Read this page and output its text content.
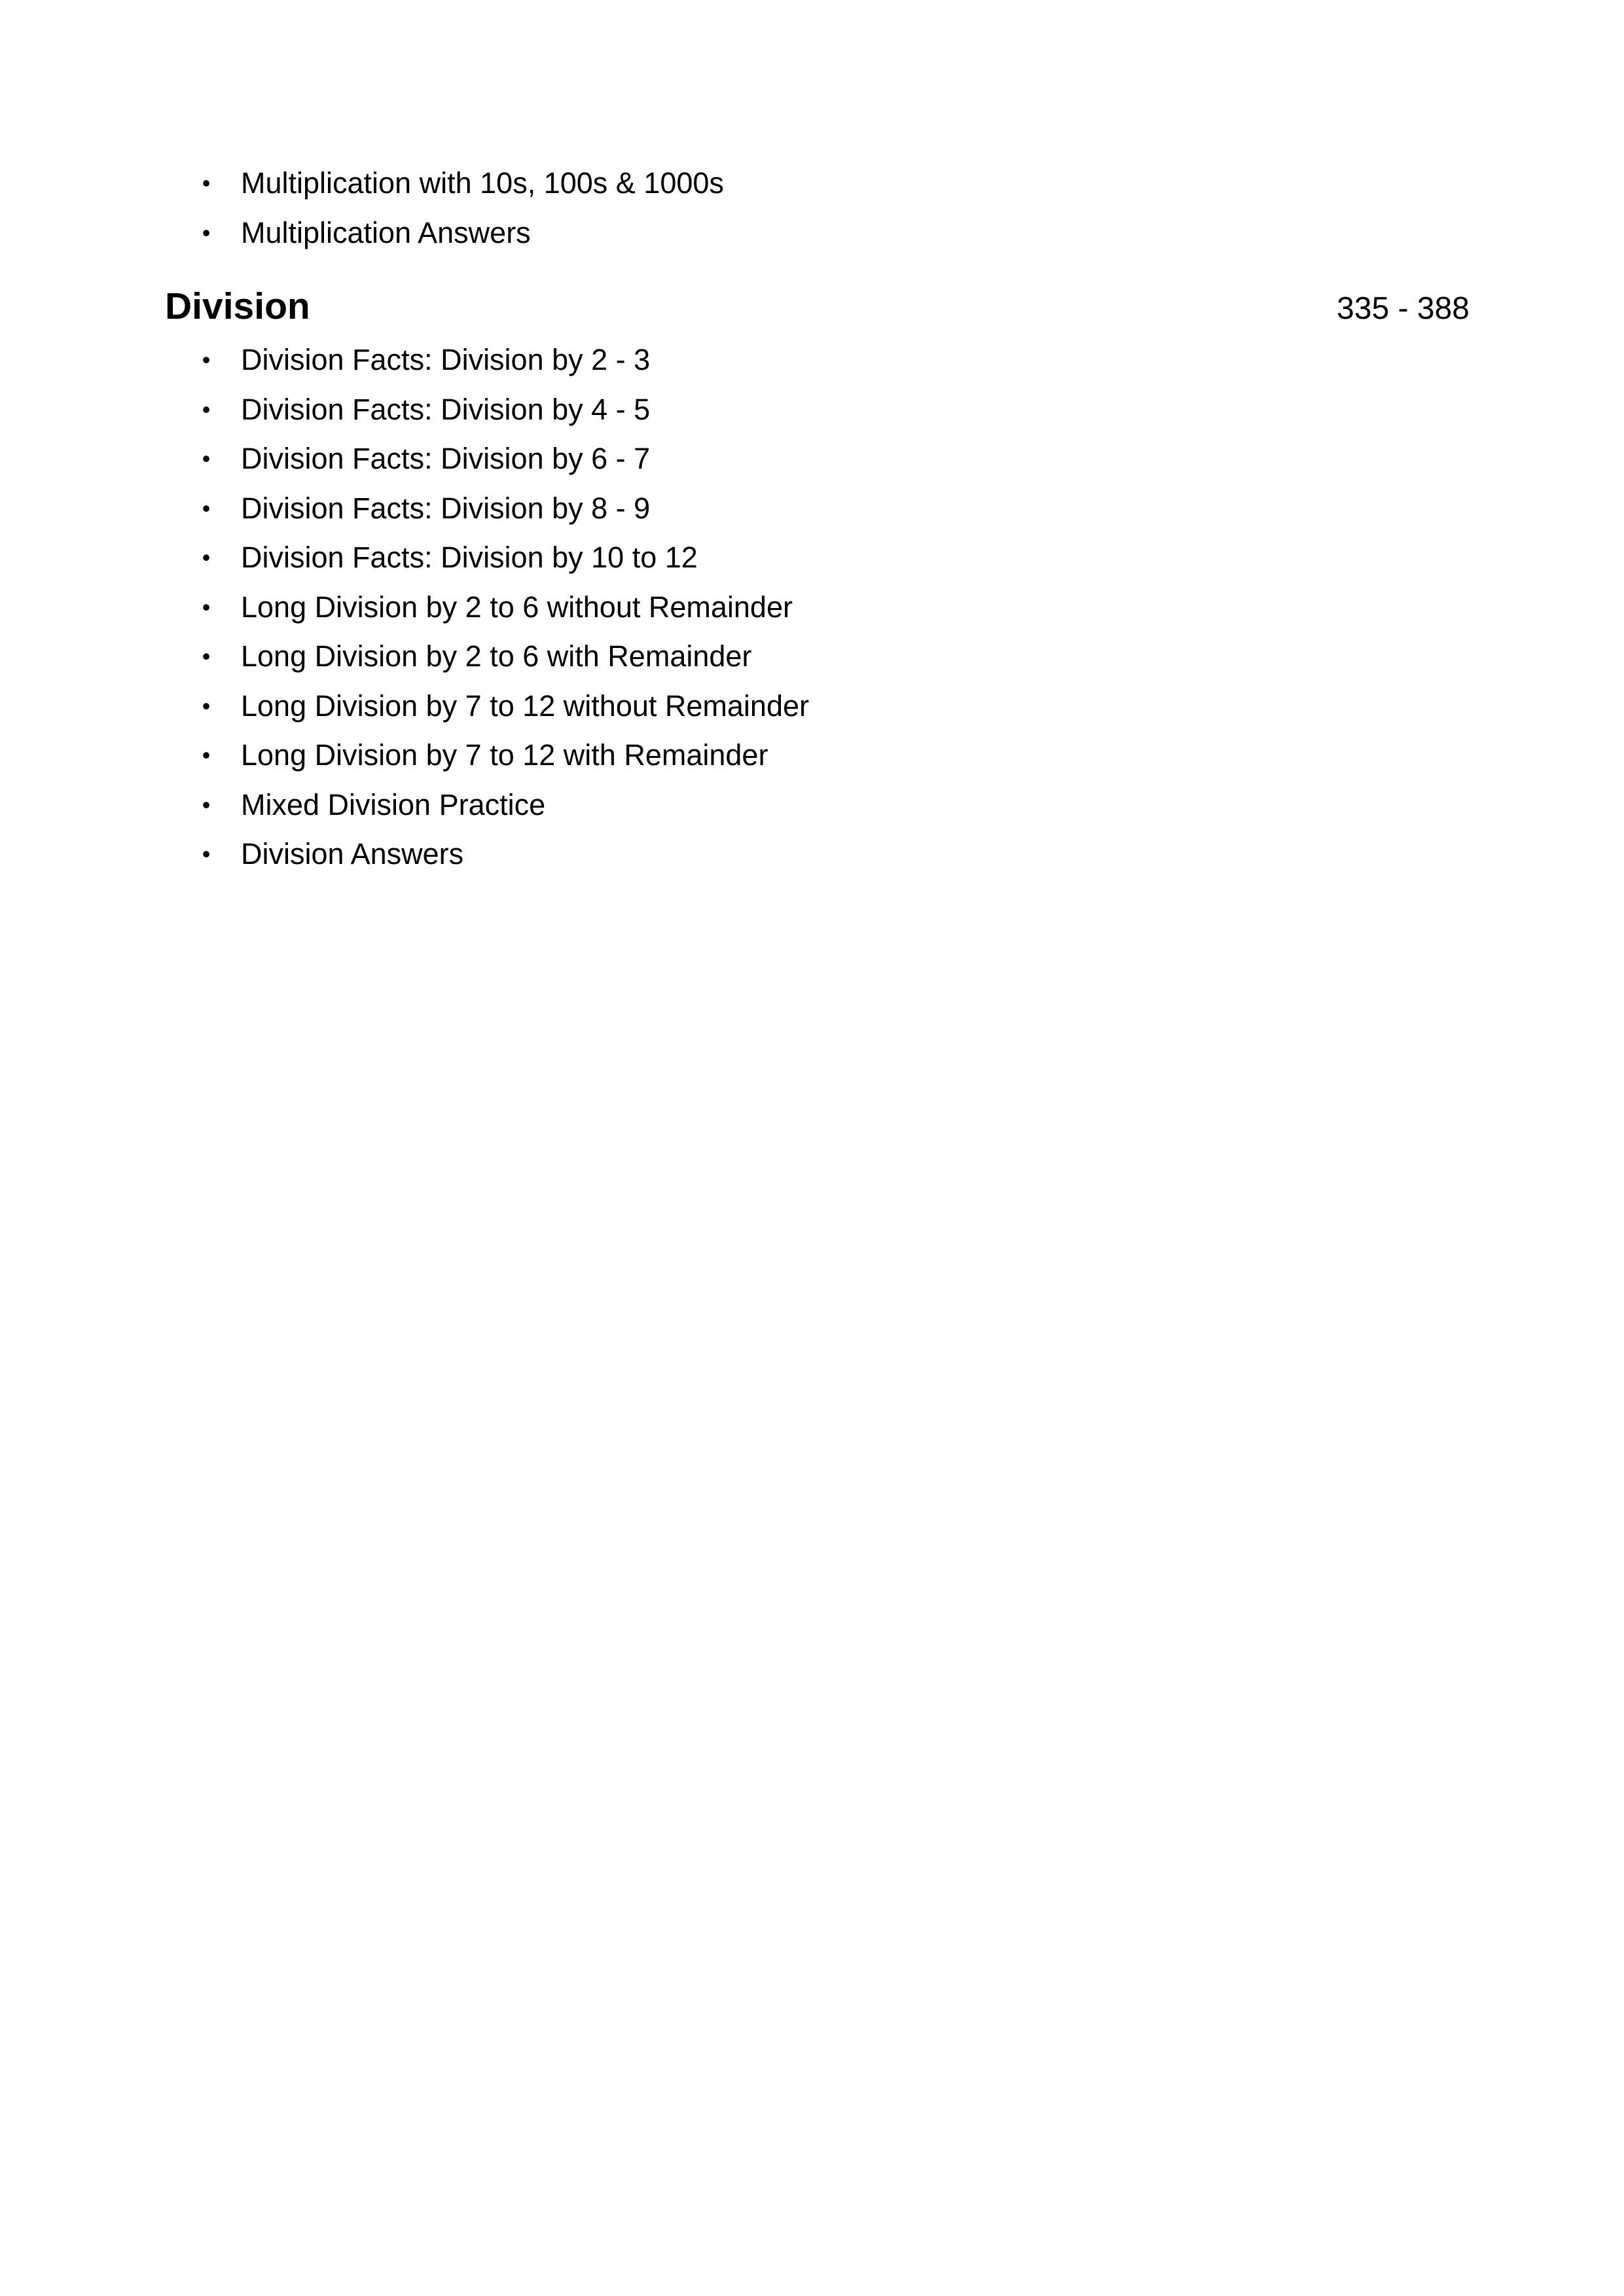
• Multiplication with 10s, 100s & 1000s
• Multiplication Answers
Division	335 - 388
• Division Facts: Division by 2 - 3
• Division Facts: Division by 4 - 5
• Division Facts: Division by 6 - 7
• Division Facts: Division by 8 - 9
• Division Facts: Division by 10 to 12
• Long Division by 2 to 6 without Remainder
• Long Division by 2 to 6 with Remainder
• Long Division by 7 to 12 without Remainder
• Long Division by 7 to 12 with Remainder
• Mixed Division Practice
• Division Answers
